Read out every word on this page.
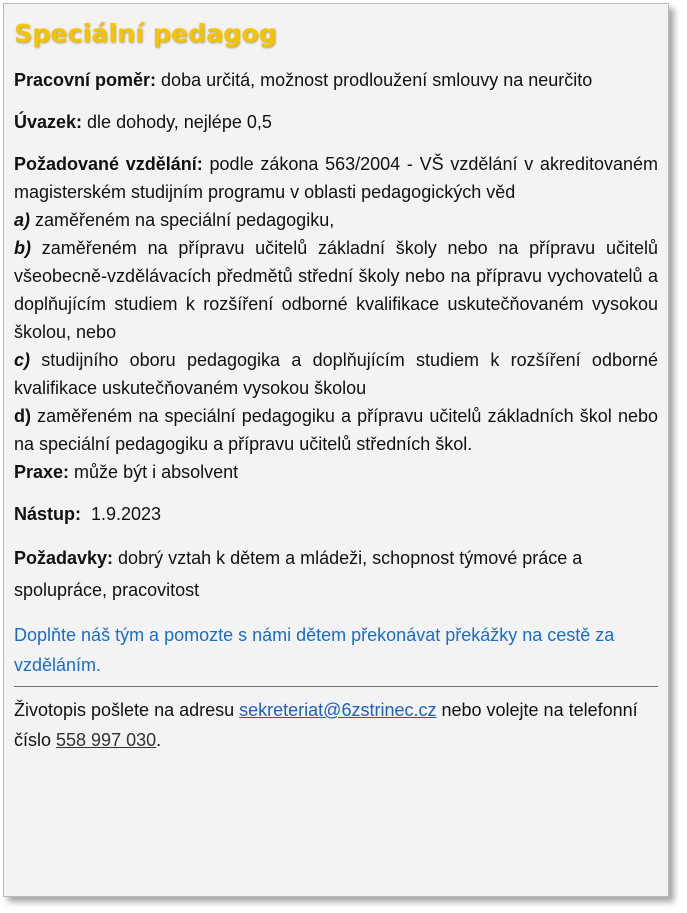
Speciální pedagog

Pracovní poměr: doba určitá, možnost prodloužení smlouvy na neurčito

Úvazek: dle dohody, nejlépe 0,5

Požadované vzdělání: podle zákona 563/2004 - VŠ vzdělání v akreditovaném magisterském studijním programu v oblasti pedagogických věd

a) zaměřeném na speciální pedagogiku,

b) zaměřeném na přípravu učitelů základní školy nebo na přípravu učitelů všeobecně-vzdělávacích předmětů střední školy nebo na přípravu vychovatelů a doplňujícím studiem k rozšíření odborné kvalifikace uskutečňovaném vysokou školou, nebo

c) studijního oboru pedagogika a doplňujícím studiem k rozšíření odborné kvalifikace uskutečňovaném vysokou školou

d) zaměřeném na speciální pedagogiku a přípravu učitelů základních škol nebo na speciální pedagogiku a přípravu učitelů středních škol.

Praxe: může být i absolvent

Nástup:  1.9.2023

Požadavky: dobrý vztah k dětem a mládeži, schopnost týmové práce a spolupráce, pracovitost

Doplňte náš tým a pomozte s námi dětem překonávat překážky na cestě za vzděláním.

Životopis pošlete na adresu sekreteriat@6zstrinec.cz nebo volejte na telefonní číslo 558 997 030.
